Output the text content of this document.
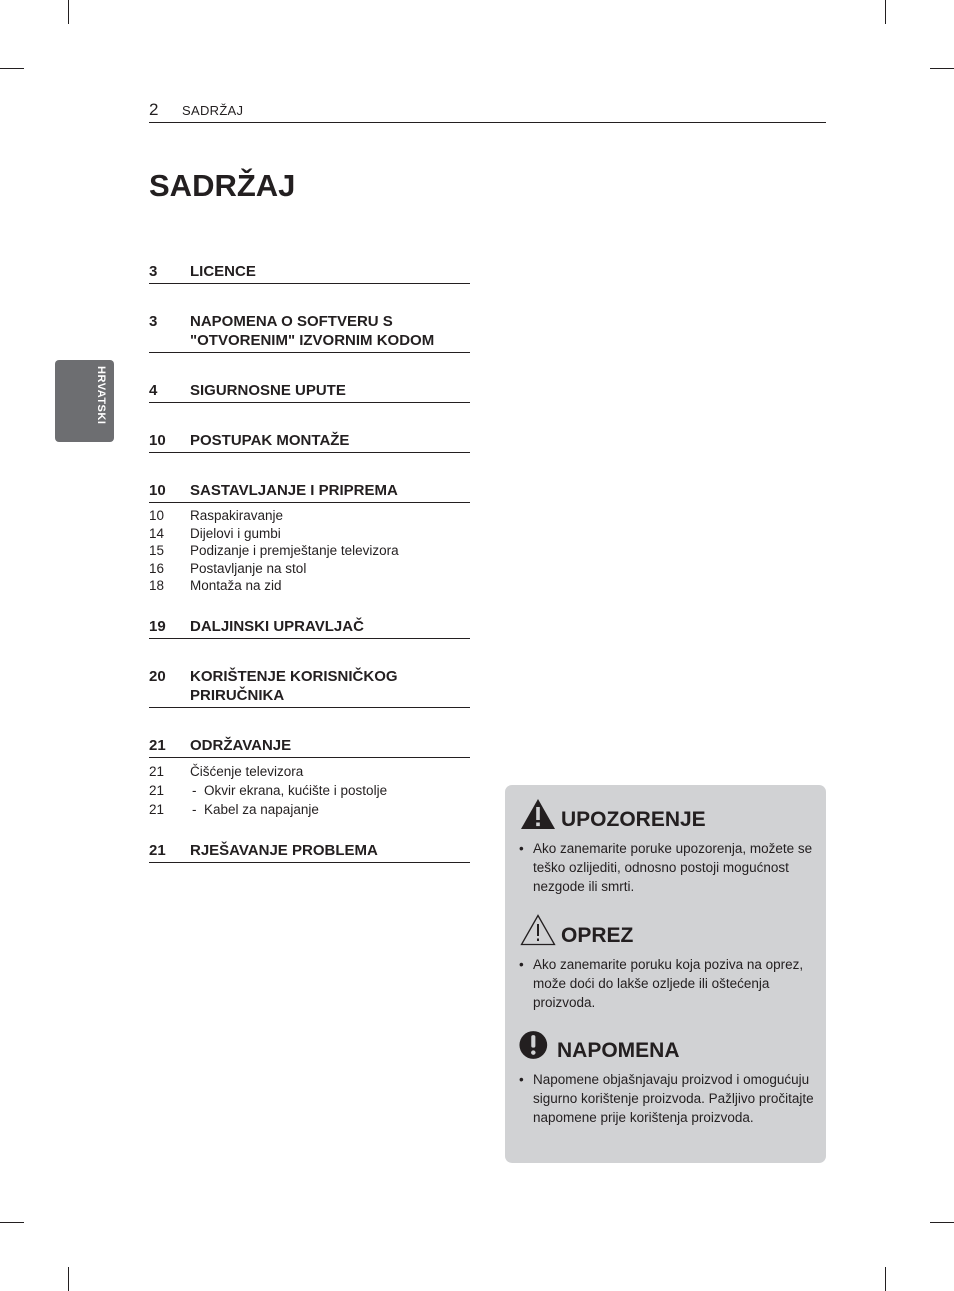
2 SADRŽAJ
SADRŽAJ
HRVATSKI
3	LICENCE
3	NAPOMENA O SOFTVERU S "OTVORENIM" IZVORNIM KODOM
4	SIGURNOSNE UPUTE
10	POSTUPAK MONTAŽE
10	SASTAVLJANJE I PRIPREMA
10	Raspakiravanje
14	Dijelovi i gumbi
15	Podizanje i premještanje televizora
16	Postavljanje na stol
18	Montaža na zid
19	DALJINSKI UPRAVLJAČ
20	KORIŠTENJE KORISNIČKOG PRIRUČNIKA
21	ODRŽAVANJE
21	Čišćenje televizora
21	-  Okvir ekrana, kućište i postolje
21	-  Kabel za napajanje
21	RJEŠAVANJE PROBLEMA
UPOZORENJE
• Ako zanemarite poruke upozorenja, možete se teško ozlijediti, odnosno postoji mogućnost nezgode ili smrti.
OPREZ
• Ako zanemarite poruku koja poziva na oprez, može doći do lakše ozljede ili oštećenja proizvoda.
NAPOMENA
• Napomene objašnjavaju proizvod i omogućuju sigurno korištenje proizvoda. Pažljivo pročitajte napomene prije korištenja proizvoda.
